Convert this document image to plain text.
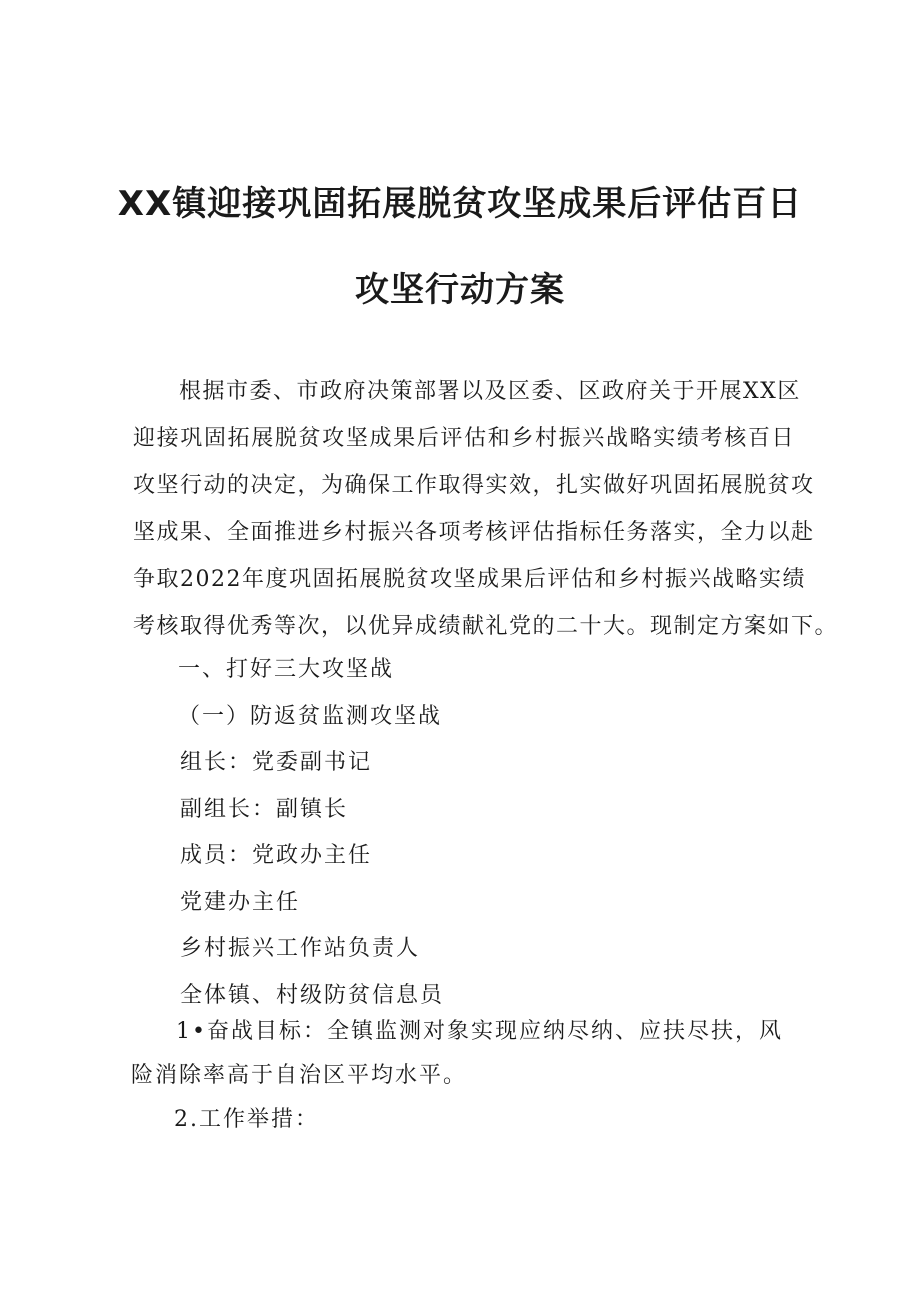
XX镇迎接巩固拓展脱贫攻坚成果后评估百日
攻坚行动方案
根据市委、市政府决策部署以及区委、区政府关于开展XX区
迎接巩固拓展脱贫攻坚成果后评估和乡村振兴战略实绩考核百日
攻坚行动的决定，为确保工作取得实效，扎实做好巩固拓展脱贫攻
坚成果、全面推进乡村振兴各项考核评估指标任务落实，全力以赴
争取2022年度巩固拓展脱贫攻坚成果后评估和乡村振兴战略实绩
考核取得优秀等次，以优异成绩献礼党的二十大。现制定方案如下。
一、打好三大攻坚战
（一）防返贫监测攻坚战
组长：党委副书记
副组长：副镇长
成员：党政办主任
党建办主任
乡村振兴工作站负责人
全体镇、村级防贫信息员
1•奋战目标：全镇监测对象实现应纳尽纳、应扶尽扶，风
险消除率高于自治区平均水平。
2.工作举措：
